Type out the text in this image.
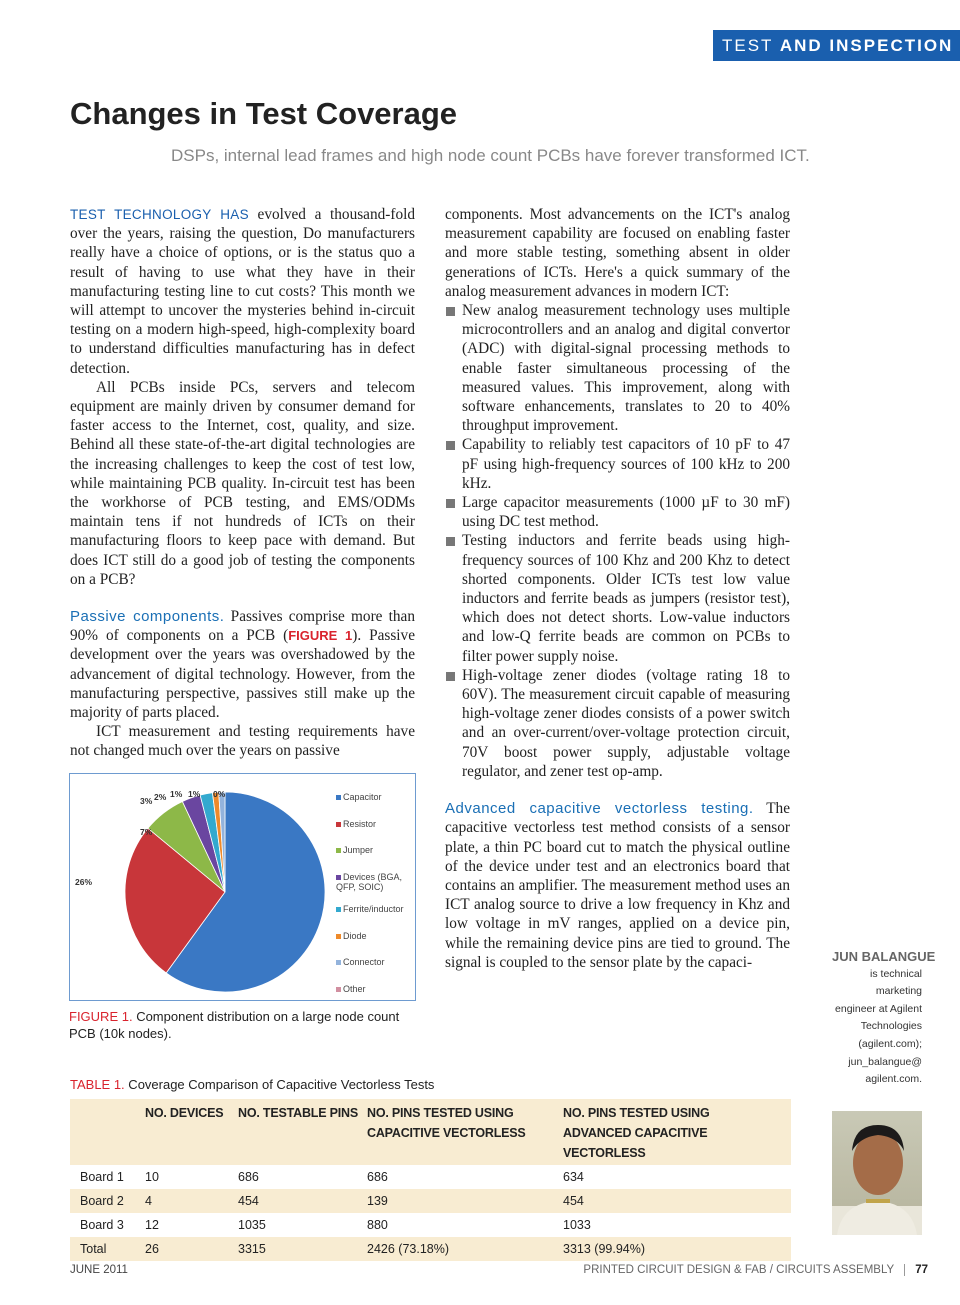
TEST AND INSPECTION
Changes in Test Coverage
DSPs, internal lead frames and high node count PCBs have forever transformed ICT.

TEST TECHNOLOGY HAS evolved a thousand-fold over the years, raising the question, Do manufacturers really have a choice of options, or is the status quo a result of having to use what they have in their manufacturing testing line to cut costs? This month we will attempt to uncover the mysteries behind in-circuit testing on a modern high-speed, high-complexity board to understand difficulties manufacturing has in defect detection.

All PCBs inside PCs, servers and telecom equipment are mainly driven by consumer demand for faster access to the Internet, cost, quality, and size. Behind all these state-of-the-art digital technologies are the increasing challenges to keep the cost of test low, while maintaining PCB quality. In-circuit test has been the workhorse of PCB testing, and EMS/ODMs maintain tens if not hundreds of ICTs on their manufacturing floors to keep pace with demand. But does ICT still do a good job of testing the components on a PCB?

Passive components. Passives comprise more than 90% of components on a PCB (FIGURE 1). Passive development over the years was overshadowed by the advancement of digital technology. However, from the manufacturing perspective, passives still make up the majority of parts placed.

ICT measurement and testing requirements have not changed much over the years on passive

components. Most advancements on the ICT's analog measurement capability are focused on enabling faster and more stable testing, something absent in older generations of ICTs. Here's a quick summary of the analog measurement advances in modern ICT:

New analog measurement technology uses multiple microcontrollers and an analog and digital convertor (ADC) with digital-signal processing methods to enable faster simultaneous processing of the measured values. This improvement, along with software enhancements, translates to 20 to 40% throughput improvement.
Capability to reliably test capacitors of 10 pF to 47 pF using high-frequency sources of 100 kHz to 200 kHz.
Large capacitor measurements (1000 µF to 30 mF) using DC test method.
Testing inductors and ferrite beads using high-frequency sources of 100 Khz and 200 Khz to detect shorted components. Older ICTs test low value inductors and ferrite beads as jumpers (resistor test), which does not detect shorts. Low-value inductors and low-Q ferrite beads are common on PCBs to filter power supply noise.
High-voltage zener diodes (voltage rating 18 to 60V). The measurement circuit capable of measuring high-voltage zener diodes consists of a power switch and an over-current/over-voltage protection circuit, 70V boost power supply, adjustable voltage regulator, and zener test op-amp.

Advanced capacitive vectorless testing. The capacitive vectorless test method consists of a sensor plate, a thin PC board cut to match the physical outline of the device under test and an electronics board that contains an amplifier. The measurement method uses an ICT analog source to drive a low frequency in Khz and low voltage in mV ranges, applied on a device pin, while the remaining device pins are tied to ground. The signal is coupled to the sensor plate by the capaci-

26%
7%
3% 2% 1% 1% 0%	Capacitor
Resistor
Jumper
Devices (BGA, QFP, SOIC)
Ferrite/inductor
Diode
Connector
Other
FIGURE 1. Component distribution on a large node count PCB (10k nodes).
TABLE 1. Coverage Comparison of Capacitive Vectorless Tests
	NO. DEVICES	NO. TESTABLE PINS	NO. PINS TESTED USING CAPACITIVE VECTORLESS	NO. PINS TESTED USING ADVANCED CAPACITIVE VECTORLESS
Board 1	10	686	686	634
Board 2	4	454	139	454
Board 3	12	1035	880	1033
Total	26	3315	2426 (73.18%)	3313 (99.94%)
JUN BALANGUE
is technical
marketing
engineer at Agilent
Technologies
(agilent.com);
jun_balangue@
agilent.com.
JUNE 2011	PRINTED CIRCUIT DESIGN & FAB / CIRCUITS ASSEMBLY 77
